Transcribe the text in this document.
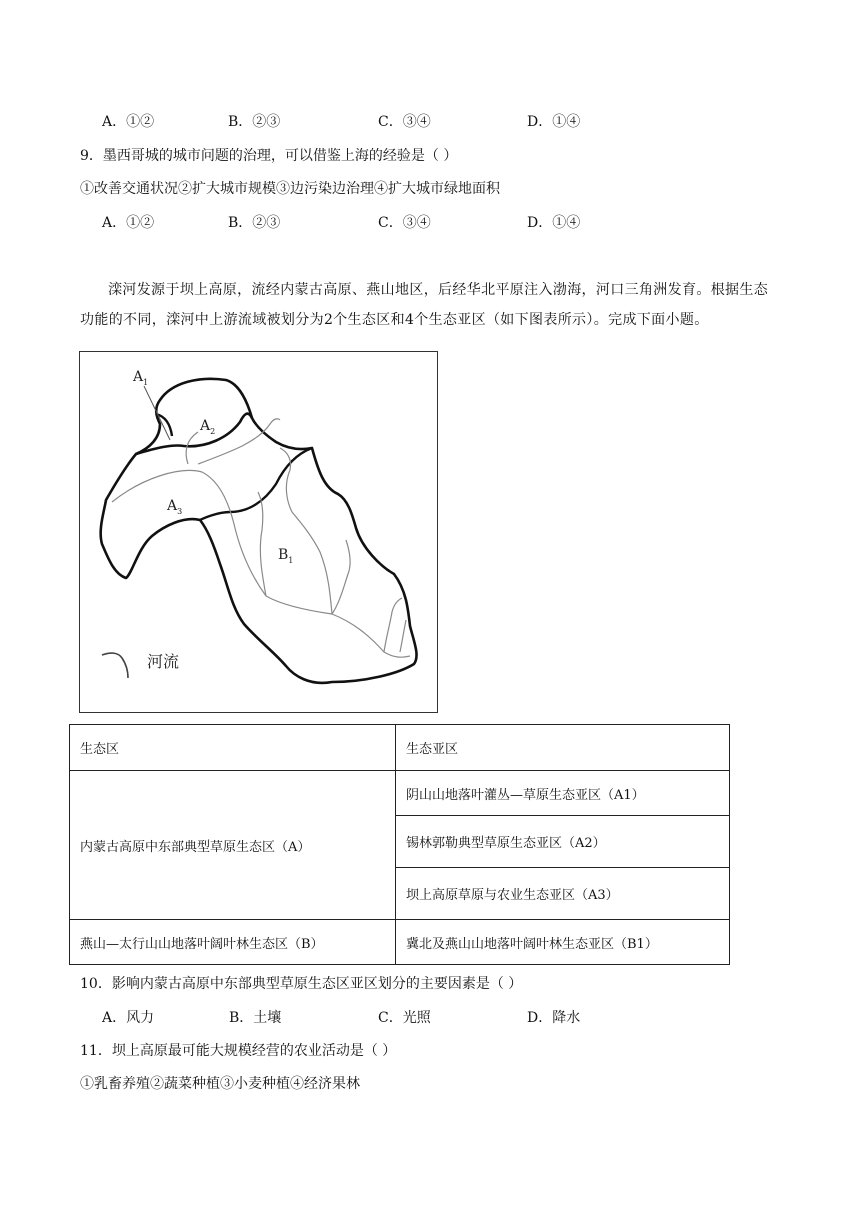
A．①②	B．②③	C．③④	D．①④
9．墨西哥城的城市问题的治理，可以借鉴上海的经验是（ ）
①改善交通状况②扩大城市规模③边污染边治理④扩大城市绿地面积
A．①②	B．②③	C．③④	D．①④

滦河发源于坝上高原，流经内蒙古高原、燕山地区，后经华北平原注入渤海，河口三角洲发育。根据生态功能的不同，滦河中上游流域被划分为2个生态区和4个生态亚区（如下图表所示）。完成下面小题。

$A_1$
$A_2$
$A_3$
$B_1$
河流
生态区	生态亚区
内蒙古高原中东部典型草原生态区（A）	阴山山地落叶灌丛—草原生态亚区（A1）
	锡林郭勒典型草原生态亚区（A2）
	坝上高原草原与农业生态亚区（A3）
燕山—太行山山地落叶阔叶林生态区（B）	冀北及燕山山地落叶阔叶林生态亚区（B1）
10．影响内蒙古高原中东部典型草原生态区亚区划分的主要因素是（ ）
A．风力	B．土壤	C．光照	D．降水
11．坝上高原最可能大规模经营的农业活动是（ ）
①乳畜养殖②蔬菜种植③小麦种植④经济果林
